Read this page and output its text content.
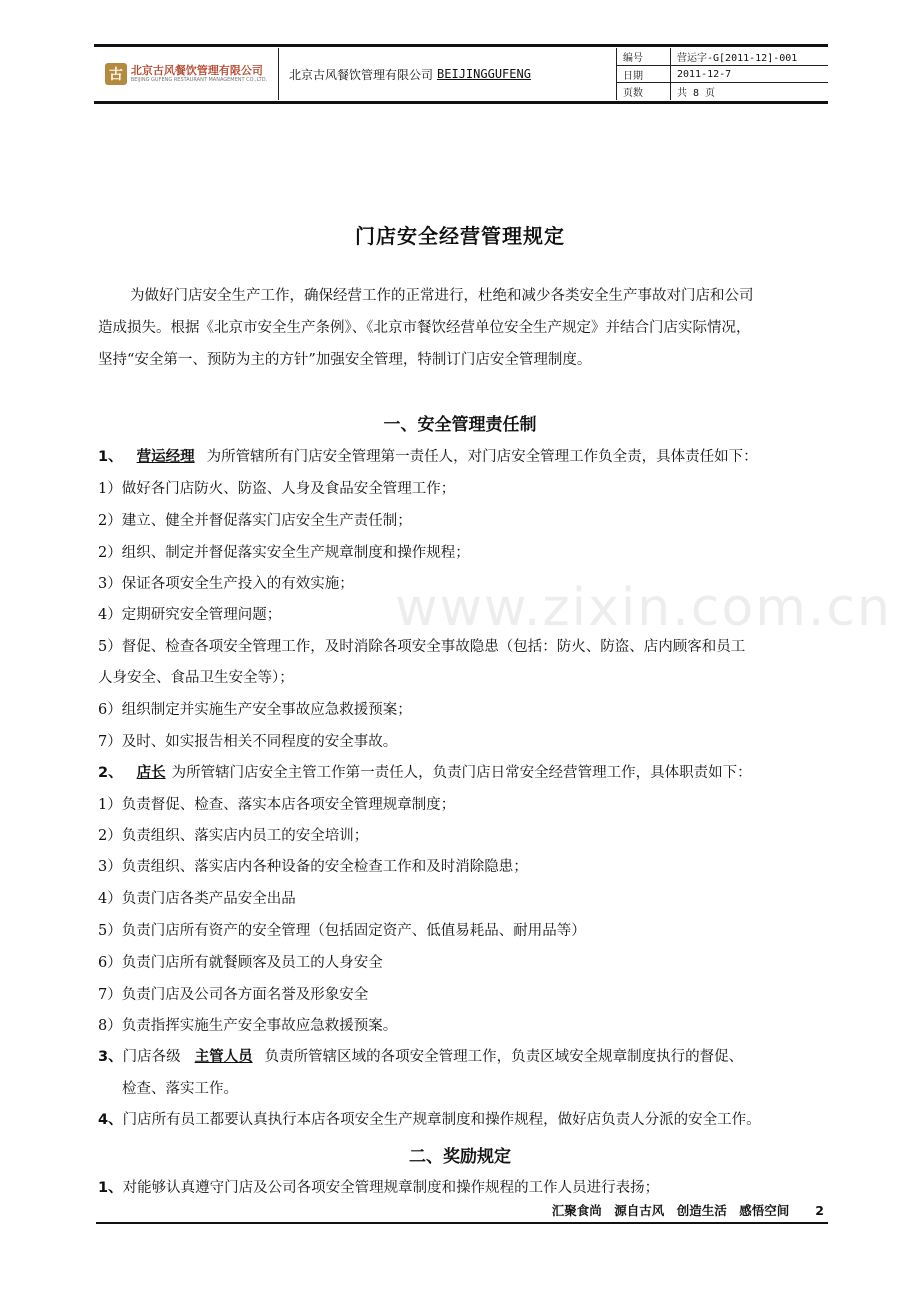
古 北京古风餐饮管理有限公司
BEIJING GUFENG RESTAURANT MANAGEMENT CO.,LTD. 北京古风餐饮管理有限公司 BEIJINGGUFENG
编号	营运字-G[2011-12]-001
日期	2011-12-7
页数	共 8 页
门店安全经营管理规定
为做好门店安全生产工作，确保经营工作的正常进行，杜绝和减少各类安全生产事故对门店和公司
造成损失。根据《北京市安全生产条例》、《北京市餐饮经营单位安全生产规定》并结合门店实际情况，
坚持“安全第一、预防为主的方针”加强安全管理，特制订门店安全管理制度。
一、安全管理责任制
1、 营运经理 为所管辖所有门店安全管理第一责任人，对门店安全管理工作负全责，具体责任如下：
1）做好各门店防火、防盗、人身及食品安全管理工作；
2）建立、健全并督促落实门店安全生产责任制；
2）组织、制定并督促落实安全生产规章制度和操作规程；
3）保证各项安全生产投入的有效实施；
4）定期研究安全管理问题；
5）督促、检查各项安全管理工作，及时消除各项安全事故隐患（包括：防火、防盗、店内顾客和员工
人身安全、食品卫生安全等）；
6）组织制定并实施生产安全事故应急救援预案；
7）及时、如实报告相关不同程度的安全事故。
2、 店长 为所管辖门店安全主管工作第一责任人，负责门店日常安全经营管理工作，具体职责如下：
1）负责督促、检查、落实本店各项安全管理规章制度；
2）负责组织、落实店内员工的安全培训；
3）负责组织、落实店内各种设备的安全检查工作和及时消除隐患；
4）负责门店各类产品安全出品
5）负责门店所有资产的安全管理（包括固定资产、低值易耗品、耐用品等）
6）负责门店所有就餐顾客及员工的人身安全
7）负责门店及公司各方面名誉及形象安全
8）负责指挥实施生产安全事故应急救援预案。
3、门店各级 主管人员 负责所管辖区域的各项安全管理工作，负责区域安全规章制度执行的督促、
检查、落实工作。
4、门店所有员工都要认真执行本店各项安全生产规章制度和操作规程，做好店负责人分派的安全工作。
二、奖励规定
1、对能够认真遵守门店及公司各项安全管理规章制度和操作规程的工作人员进行表扬；
www.zixin.com.cn
汇聚食尚　源自古风　创造生活　感悟空间 2
